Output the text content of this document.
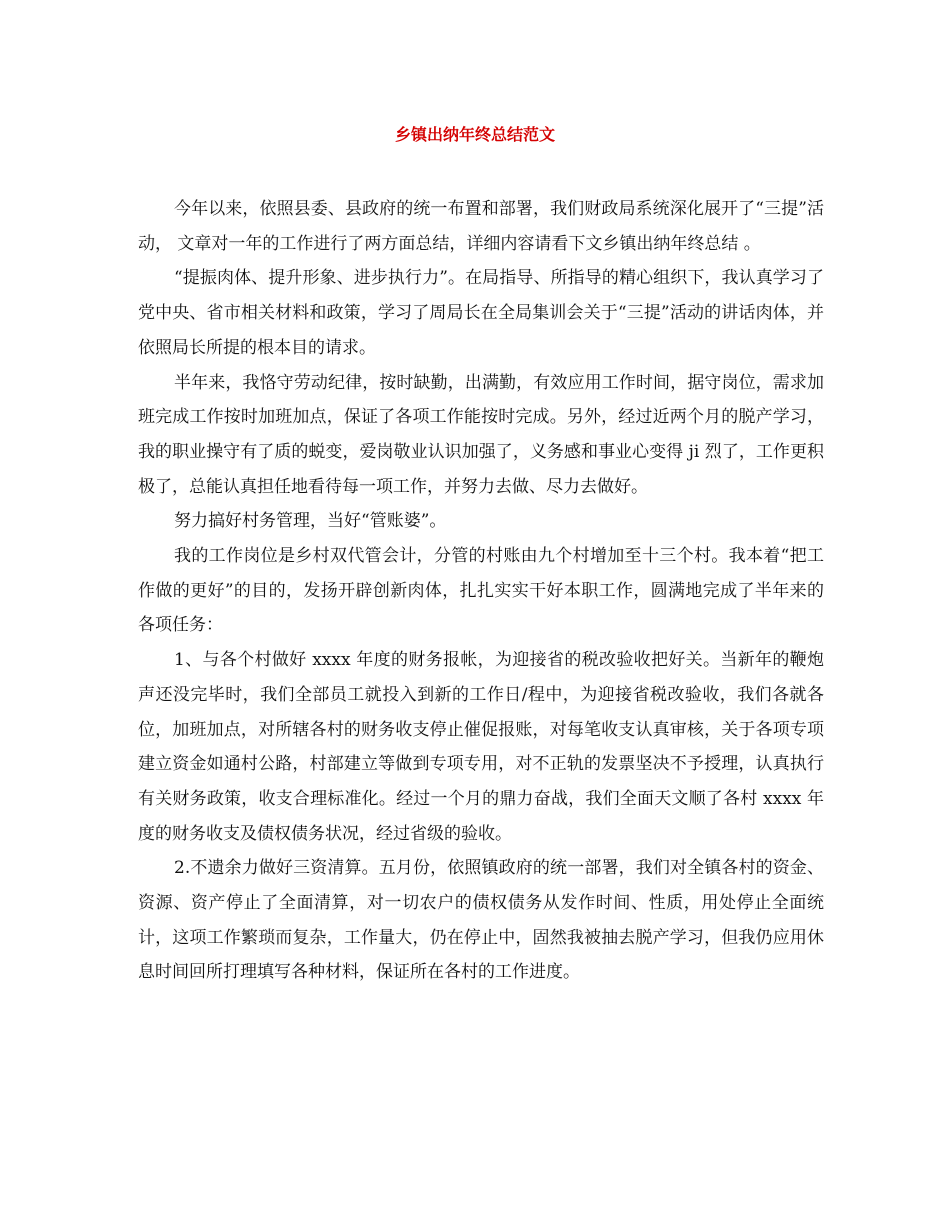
乡镇出纳年终总结范文

今年以来，依照县委、县政府的统一布置和部署，我们财政局系统深化展开了“三提”活动， 文章对一年的工作进行了两方面总结，详细内容请看下文乡镇出纳年终总结 。

“提振肉体、提升形象、进步执行力”。在局指导、所指导的精心组织下，我认真学习了党中央、省市相关材料和政策，学习了周局长在全局集训会关于“三提”活动的讲话肉体，并依照局长所提的根本目的请求。

半年来，我恪守劳动纪律，按时缺勤，出满勤，有效应用工作时间，据守岗位，需求加班完成工作按时加班加点，保证了各项工作能按时完成。另外，经过近两个月的脱产学习，我的职业操守有了质的蜕变，爱岗敬业认识加强了，义务感和事业心变得 ji 烈了，工作更积极了，总能认真担任地看待每一项工作，并努力去做、尽力去做好。

努力搞好村务管理，当好“管账婆”。

我的工作岗位是乡村双代管会计，分管的村账由九个村增加至十三个村。我本着“把工作做的更好”的目的，发扬开辟创新肉体，扎扎实实干好本职工作，圆满地完成了半年来的各项任务：

1、与各个村做好 xxxx 年度的财务报帐，为迎接省的税改验收把好关。当新年的鞭炮声还没完毕时，我们全部员工就投入到新的工作日/程中，为迎接省税改验收，我们各就各位，加班加点，对所辖各村的财务收支停止催促报账，对每笔收支认真审核，关于各项专项建立资金如通村公路，村部建立等做到专项专用，对不正轨的发票坚决不予授理，认真执行有关财务政策，收支合理标准化。经过一个月的鼎力奋战，我们全面天文顺了各村 xxxx 年度的财务收支及债权债务状况，经过省级的验收。

2.不遗余力做好三资清算。五月份，依照镇政府的统一部署，我们对全镇各村的资金、资源、资产停止了全面清算，对一切农户的债权债务从发作时间、性质，用处停止全面统计，这项工作繁琐而复杂，工作量大，仍在停止中，固然我被抽去脱产学习，但我仍应用休息时间回所打理填写各种材料，保证所在各村的工作进度。
